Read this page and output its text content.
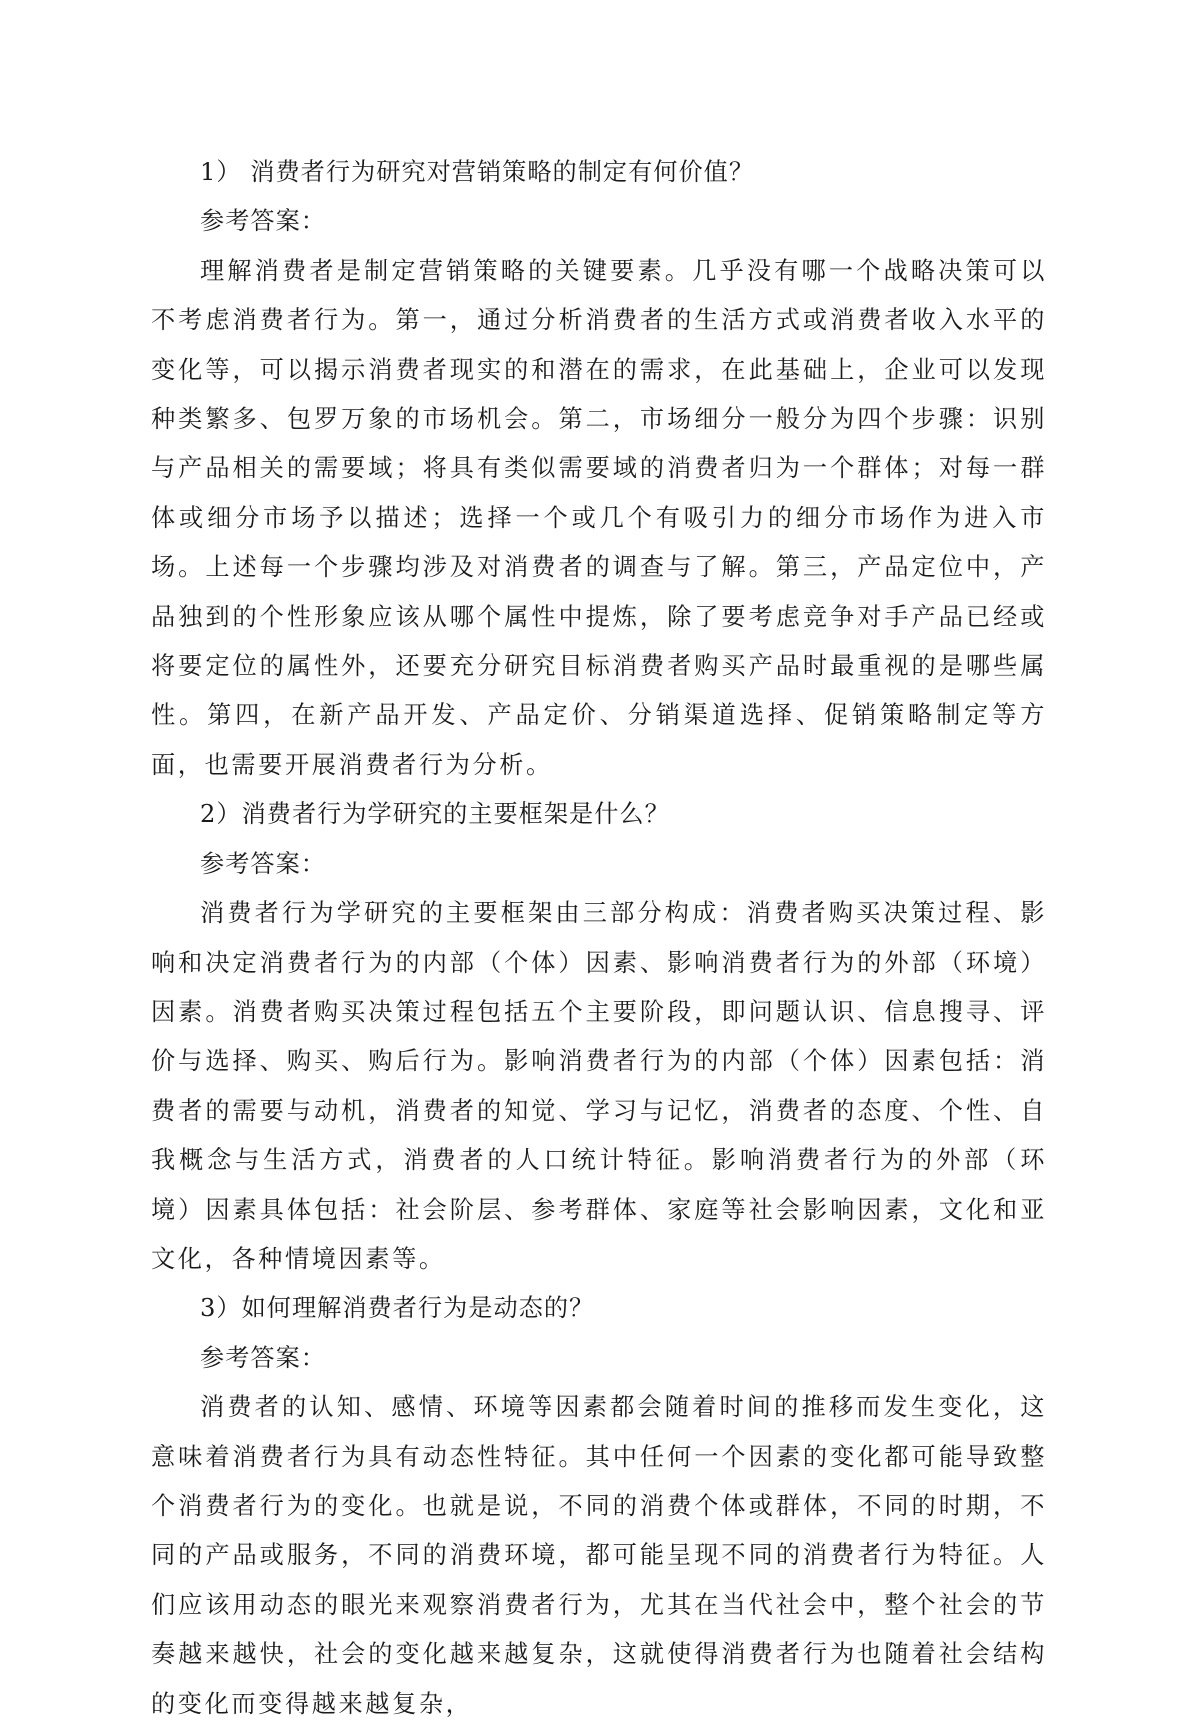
1） 消费者行为研究对营销策略的制定有何价值？

参考答案：

理解消费者是制定营销策略的关键要素。几乎没有哪一个战略决策可以不考虑消费者行为。第一，通过分析消费者的生活方式或消费者收入水平的变化等，可以揭示消费者现实的和潜在的需求，在此基础上，企业可以发现种类繁多、包罗万象的市场机会。第二，市场细分一般分为四个步骤：识别与产品相关的需要域；将具有类似需要域的消费者归为一个群体；对每一群体或细分市场予以描述；选择一个或几个有吸引力的细分市场作为进入市场。上述每一个步骤均涉及对消费者的调查与了解。第三，产品定位中，产品独到的个性形象应该从哪个属性中提炼，除了要考虑竞争对手产品已经或将要定位的属性外，还要充分研究目标消费者购买产品时最重视的是哪些属性。第四，在新产品开发、产品定价、分销渠道选择、促销策略制定等方面，也需要开展消费者行为分析。

2）消费者行为学研究的主要框架是什么？

参考答案：

消费者行为学研究的主要框架由三部分构成：消费者购买决策过程、影响和决定消费者行为的内部（个体）因素、影响消费者行为的外部（环境）因素。消费者购买决策过程包括五个主要阶段，即问题认识、信息搜寻、评价与选择、购买、购后行为。影响消费者行为的内部（个体）因素包括：消费者的需要与动机，消费者的知觉、学习与记忆，消费者的态度、个性、自我概念与生活方式，消费者的人口统计特征。影响消费者行为的外部（环境）因素具体包括：社会阶层、参考群体、家庭等社会影响因素，文化和亚文化，各种情境因素等。

3）如何理解消费者行为是动态的？

参考答案：

消费者的认知、感情、环境等因素都会随着时间的推移而发生变化，这意味着消费者行为具有动态性特征。其中任何一个因素的变化都可能导致整个消费者行为的变化。也就是说，不同的消费个体或群体，不同的时期，不同的产品或服务，不同的消费环境，都可能呈现不同的消费者行为特征。人们应该用动态的眼光来观察消费者行为，尤其在当代社会中，整个社会的节奏越来越快，社会的变化越来越复杂，这就使得消费者行为也随着社会结构的变化而变得越来越复杂，
